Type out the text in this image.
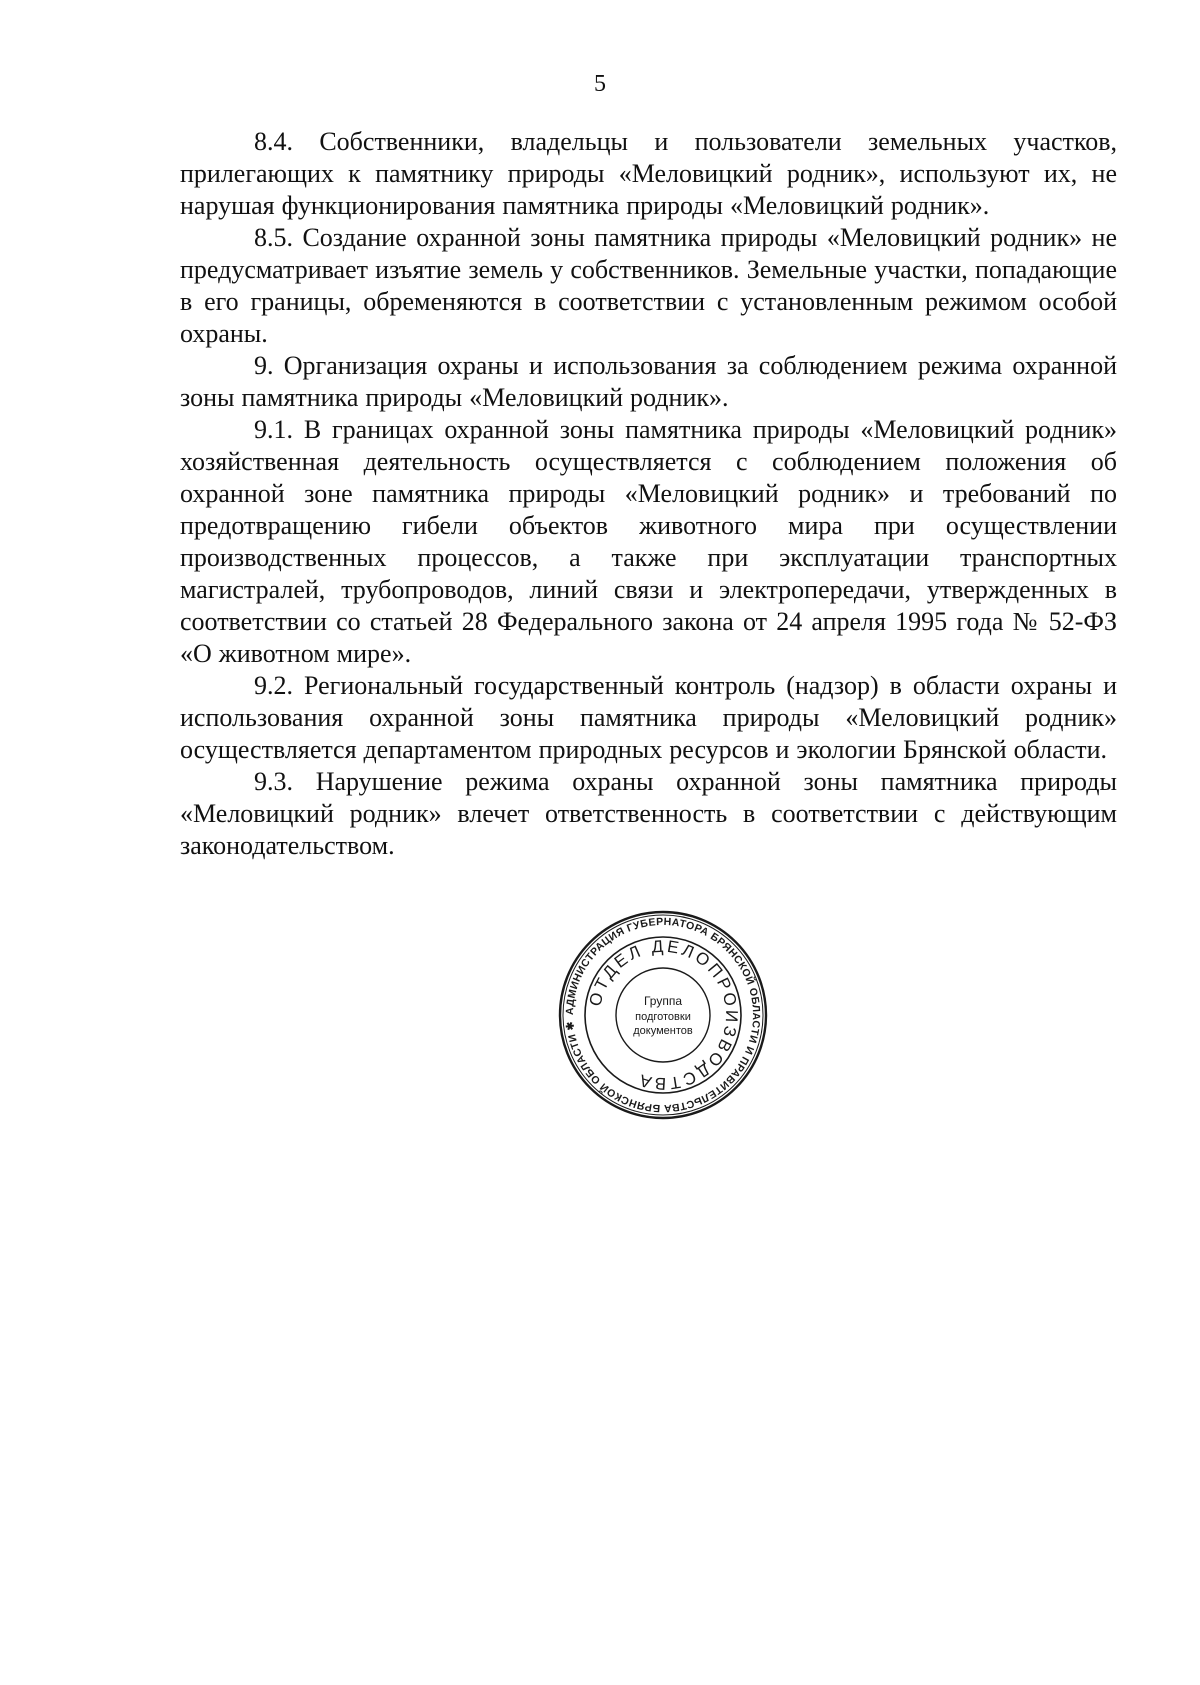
5

8.4. Собственники, владельцы и пользователи земельных участков, прилегающих к памятнику природы «Меловицкий родник», используют их, не нарушая функционирования памятника природы «Меловицкий родник».

8.5. Создание охранной зоны памятника природы «Меловицкий родник» не предусматривает изъятие земель у собственников. Земельные участки, попадающие в его границы, обременяются в соответствии с установленным режимом особой охраны.

9. Организация охраны и использования за соблюдением режима охранной зоны памятника природы «Меловицкий родник».

9.1. В границах охранной зоны памятника природы «Меловицкий родник» хозяйственная деятельность осуществляется с соблюдением положения об охранной зоне памятника природы «Меловицкий родник» и требований по предотвращению гибели объектов животного мира при осуществлении производственных процессов, а также при эксплуатации транспортных магистралей, трубопроводов, линий связи и электропередачи, утвержденных в соответствии со статьей 28 Федерального закона от 24 апреля 1995 года № 52-ФЗ «О животном мире».

9.2. Региональный государственный контроль (надзор) в области охраны и использования охранной зоны памятника природы «Меловицкий родник» осуществляется департаментом природных ресурсов и экологии Брянской области.

9.3. Нарушение режима охраны охранной зоны памятника природы «Меловицкий родник» влечет ответственность в соответствии с действующим законодательством.

АДМИНИСТРАЦИЯ ГУБЕРНАТОРА БРЯНСКОЙ ОБЛАСТИ И ПРАВИТЕЛЬСТВА БРЯНСКОЙ ОБЛАСТИ ✱
ОТДЕЛ ДЕЛОПРОИЗВОДСТВА
Группа
подготовки
документов
